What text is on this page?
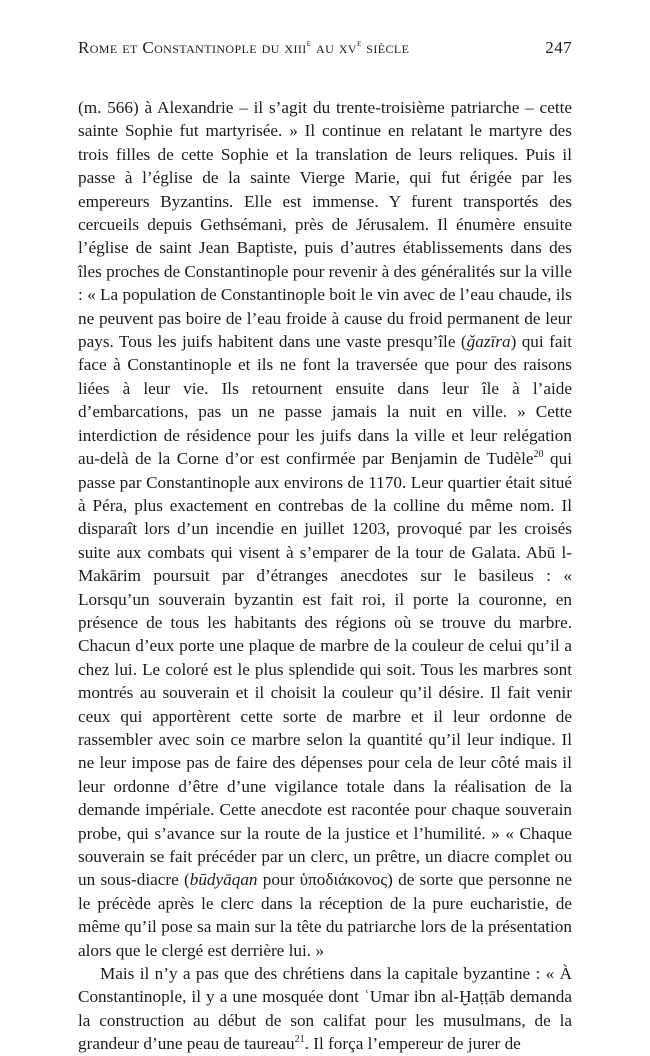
Rome et Constantinople du xiii$^e$ au $xv^e$ siècle	247

(m. 566) à Alexandrie – il s’agit du trente-troisième patriarche – cette sainte Sophie fut martyrisée. » Il continue en relatant le martyre des trois filles de cette Sophie et la translation de leurs reliques. Puis il passe à l’église de la sainte Vierge Marie, qui fut érigée par les empereurs Byzantins. Elle est immense. Y furent transportés des cercueils depuis Gethsémani, près de Jérusalem. Il énumère ensuite l’église de saint Jean Baptiste, puis d’autres établissements dans des îles proches de Constantinople pour revenir à des généralités sur la ville : « La population de Constantinople boit le vin avec de l’eau chaude, ils ne peuvent pas boire de l’eau froide à cause du froid permanent de leur pays. Tous les juifs habitent dans une vaste presqu’île (ǧazīra) qui fait face à Constantinople et ils ne font la traversée que pour des raisons liées à leur vie. Ils retournent ensuite dans leur île à l’aide d’embarcations, pas un ne passe jamais la nuit en ville. » Cette interdiction de résidence pour les juifs dans la ville et leur relégation au-delà de la Corne d’or est confirmée par Benjamin de Tudèle$^{20}$ qui passe par Constantinople aux environs de 1170. Leur quartier était situé à Péra, plus exactement en contrebas de la colline du même nom. Il disparaît lors d’un incendie en juillet 1203, provoqué par les croisés suite aux combats qui visent à s’emparer de la tour de Galata. Abū l-Makārim poursuit par d’étranges anecdotes sur le basileus : « Lorsqu’un souverain byzantin est fait roi, il porte la couronne, en présence de tous les habitants des régions où se trouve du marbre. Chacun d’eux porte une plaque de marbre de la couleur de celui qu’il a chez lui. Le coloré est le plus splendide qui soit. Tous les marbres sont montrés au souverain et il choisit la couleur qu’il désire. Il fait venir ceux qui apportèrent cette sorte de marbre et il leur ordonne de rassembler avec soin ce marbre selon la quantité qu’il leur indique. Il ne leur impose pas de faire des dépenses pour cela de leur côté mais il leur ordonne d’être d’une vigilance totale dans la réalisation de la demande impériale. Cette anecdote est racontée pour chaque souverain probe, qui s’avance sur la route de la justice et l’humilité. » « Chaque souverain se fait précéder par un clerc, un prêtre, un diacre complet ou un sous-diacre (būdyāqan pour ὑποδιάκονος) de sorte que personne ne le précède après le clerc dans la réception de la pure eucharistie, de même qu’il pose sa main sur la tête du patriarche lors de la présentation alors que le clergé est derrière lui. »

Mais il n’y a pas que des chrétiens dans la capitale byzantine : « À Constantinople, il y a une mosquée dont ʿUmar ibn al-Ḫaṭṭāb demanda la construction au début de son califat pour les musulmans, de la grandeur d’une peau de taureau$^{21}$. Il força l’empereur de jurer de
